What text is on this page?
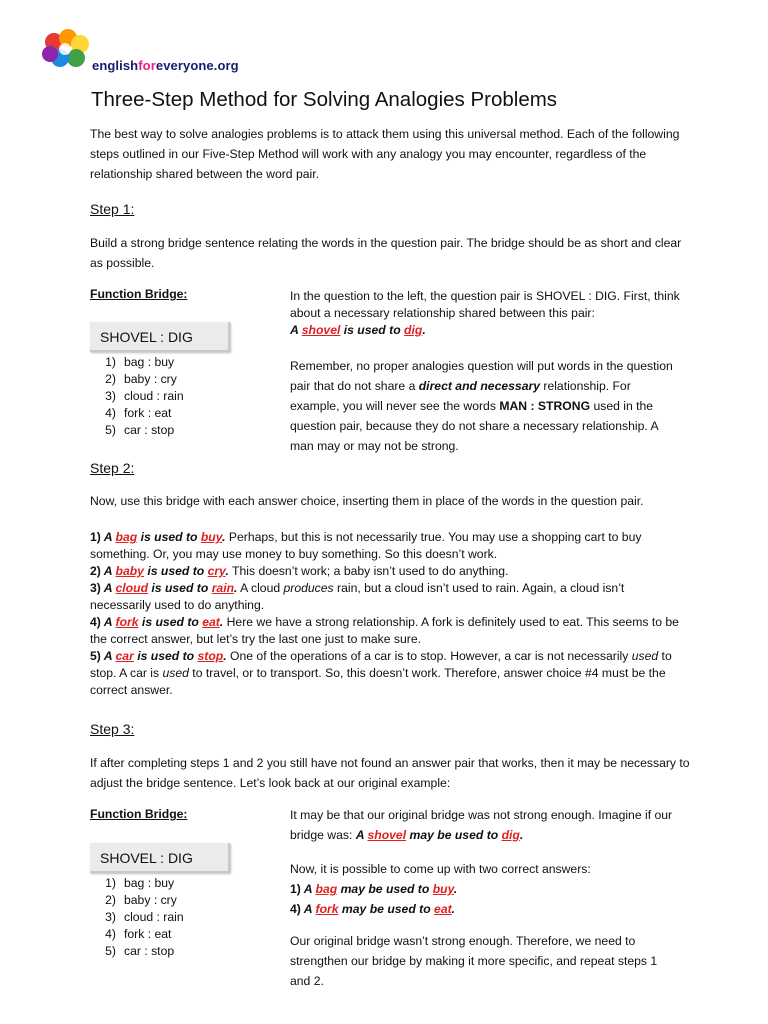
englishforeveryone.org
Three-Step Method for Solving Analogies Problems
The best way to solve analogies problems is to attack them using this universal method. Each of the following steps outlined in our Five-Step Method will work with any analogy you may encounter, regardless of the relationship shared between the word pair.
Step 1:
Build a strong bridge sentence relating the words in the question pair. The bridge should be as short and clear as possible.
Function Bridge:
SHOVEL : DIG
1) bag : buy
2) baby : cry
3) cloud : rain
4) fork : eat
5) car : stop
In the question to the left, the question pair is SHOVEL : DIG. First, think about a necessary relationship shared between this pair:
A shovel is used to dig.
Remember, no proper analogies question will put words in the question pair that do not share a direct and necessary relationship. For example, you will never see the words MAN : STRONG used in the question pair, because they do not share a necessary relationship. A man may or may not be strong.
Step 2:
Now, use this bridge with each answer choice, inserting them in place of the words in the question pair.
1) A bag is used to buy. Perhaps, but this is not necessarily true. You may use a shopping cart to buy something. Or, you may use money to buy something. So this doesn’t work.
2) A baby is used to cry. This doesn’t work; a baby isn’t used to do anything.
3) A cloud is used to rain. A cloud produces rain, but a cloud isn’t used to rain. Again, a cloud isn’t necessarily used to do anything.
4) A fork is used to eat. Here we have a strong relationship. A fork is definitely used to eat. This seems to be the correct answer, but let’s try the last one just to make sure.
5) A car is used to stop. One of the operations of a car is to stop. However, a car is not necessarily used to stop. A car is used to travel, or to transport. So, this doesn’t work. Therefore, answer choice #4 must be the correct answer.
Step 3:
If after completing steps 1 and 2 you still have not found an answer pair that works, then it may be necessary to adjust the bridge sentence. Let’s look back at our original example:
Function Bridge:
SHOVEL : DIG
1) bag : buy
2) baby : cry
3) cloud : rain
4) fork : eat
5) car : stop
It may be that our original bridge was not strong enough. Imagine if our bridge was: A shovel may be used to dig.
Now, it is possible to come up with two correct answers:
1) A bag may be used to buy.
4) A fork may be used to eat.
Our original bridge wasn’t strong enough. Therefore, we need to strengthen our bridge by making it more specific, and repeat steps 1 and 2.
